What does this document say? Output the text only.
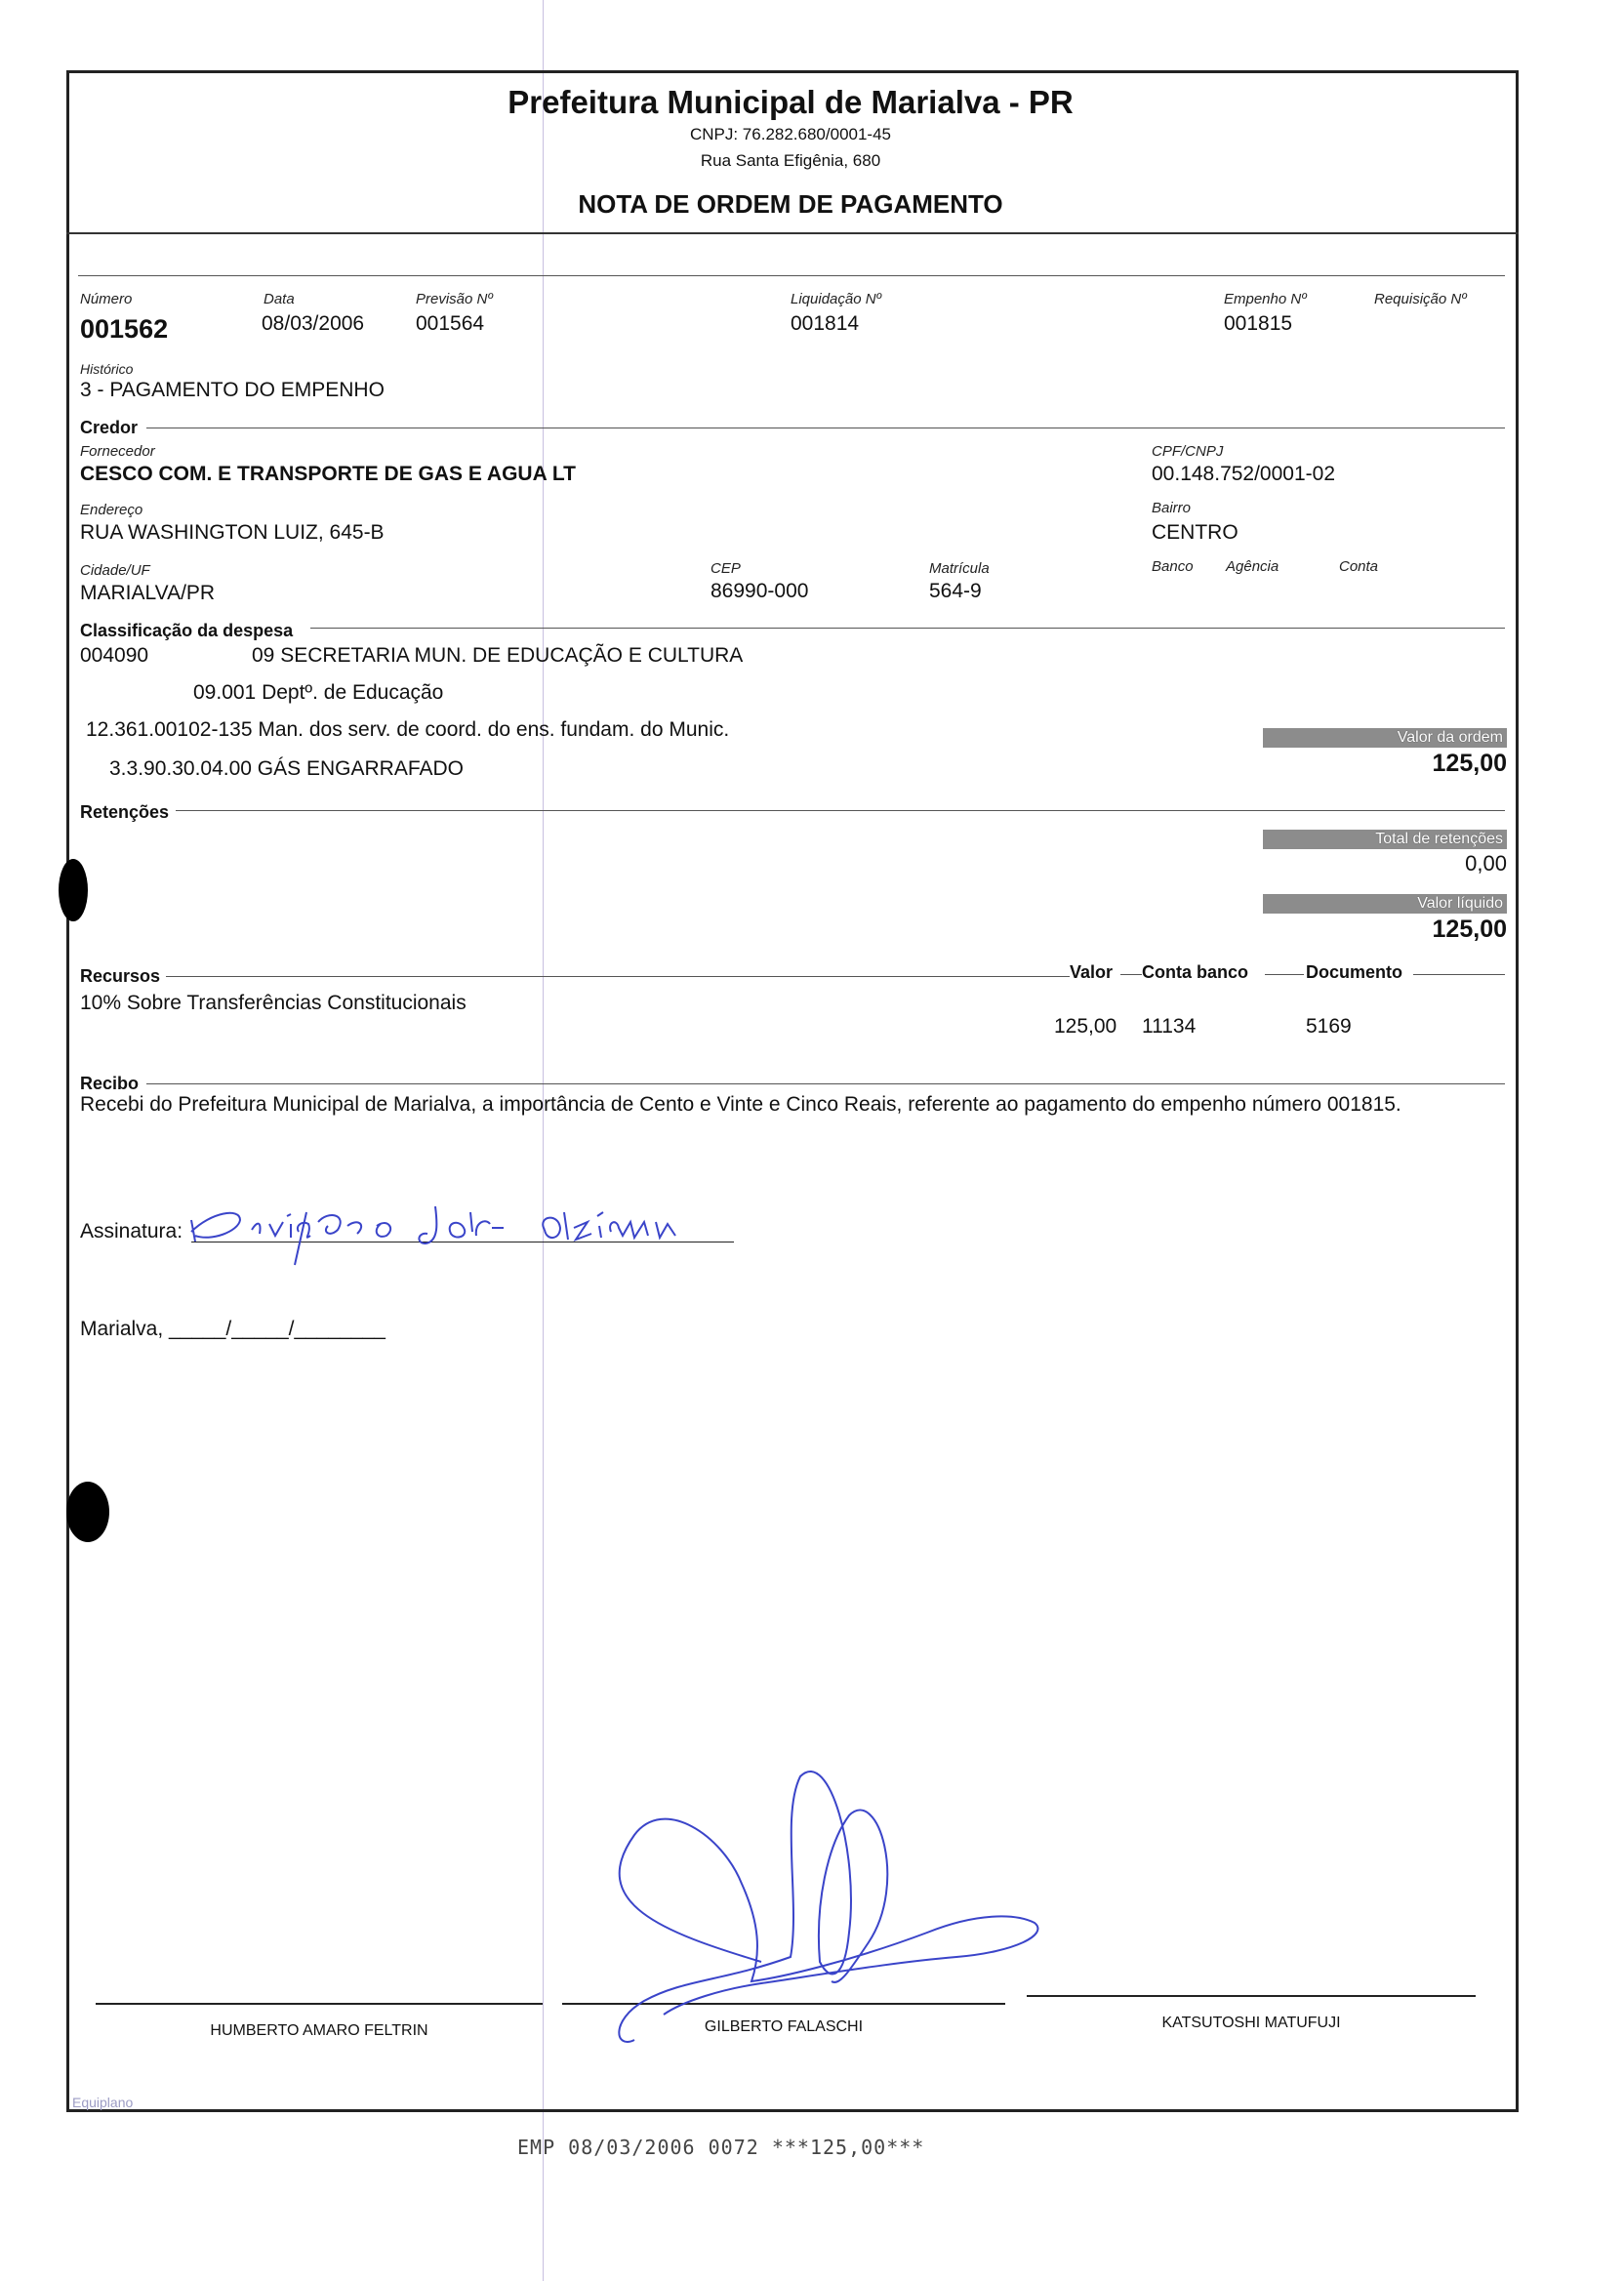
Prefeitura Municipal de Marialva - PR
CNPJ: 76.282.680/0001-45
Rua Santa Efigênia, 680
NOTA DE ORDEM DE PAGAMENTO
Número
001562
Data
08/03/2006
Previsão Nº
001564
Liquidação Nº
001814
Empenho Nº
001815
Requisição Nº
Histórico
3 - PAGAMENTO DO EMPENHO
Credor
Fornecedor
CESCO COM. E TRANSPORTE DE GAS E AGUA LT
CPF/CNPJ
00.148.752/0001-02
Endereço
RUA WASHINGTON LUIZ, 645-B
Bairro
CENTRO
Cidade/UF
MARIALVA/PR
CEP
86990-000
Matrícula
564-9
Banco Agência	Conta
Classificação da despesa
004090	09 SECRETARIA MUN. DE EDUCAÇÃO E CULTURA
09.001 Deptº. de Educação
12.361.00102-135 Man. dos serv. de coord. do ens. fundam. do Munic.
3.3.90.30.04.00 GÁS ENGARRAFADO
Valor da ordem
125,00
Retenções
Total de retenções
0,00
Valor líquido
125,00
Recursos	Valor Conta banco	Documento
10% Sobre Transferências Constitucionais
125,00 11134	5169
Recibo
Recebi do Prefeitura Municipal de Marialva, a importância de Cento e Vinte e Cinco Reais, referente ao pagamento do empenho número 001815.
Assinatura:
Marialva, _____/_____/________
HUMBERTO AMARO FELTRIN	GILBERTO FALASCHI	KATSUTOSHI MATUFUJI
Equiplano
EMP 08/03/2006 0072 ***125,00***
